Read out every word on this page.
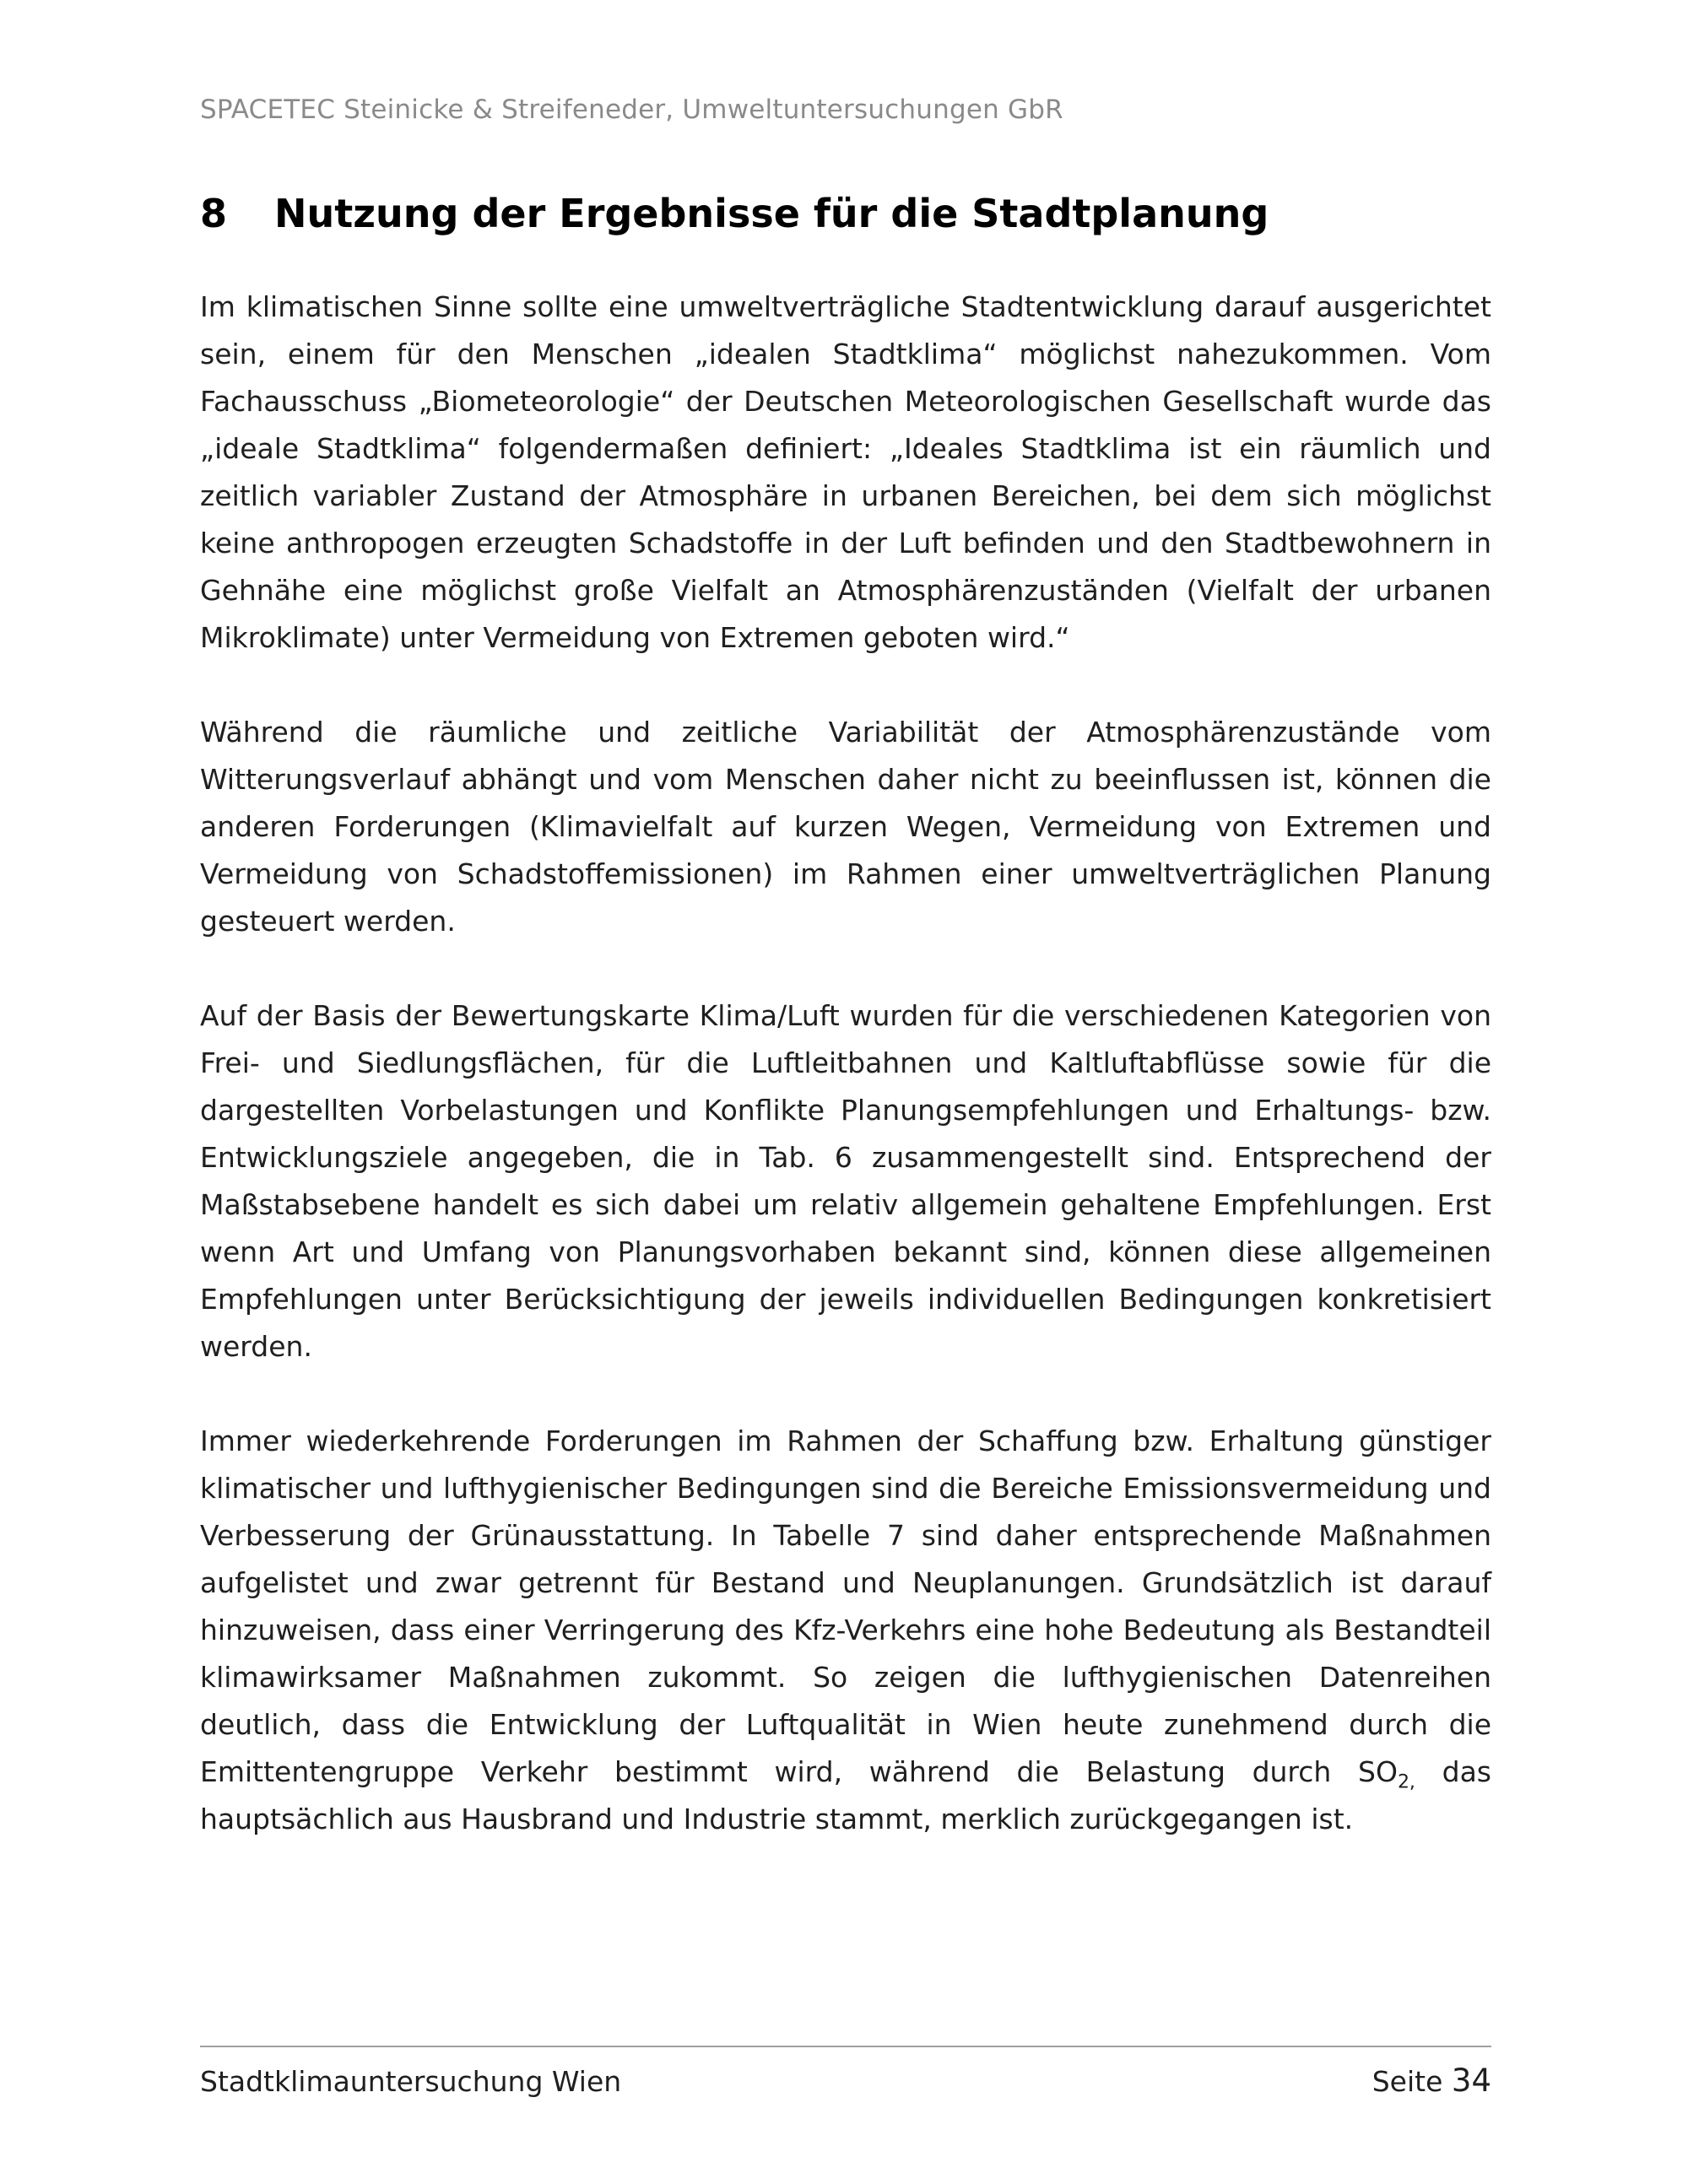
SPACETEC Steinicke & Streifeneder, Umweltuntersuchungen GbR
8 Nutzung der Ergebnisse für die Stadtplanung

Im klimatischen Sinne sollte eine umweltverträgliche Stadtentwicklung darauf ausgerichtet sein, einem für den Menschen „idealen Stadtklima“ möglichst nahezukommen. Vom Fachausschuss „Biometeorologie“ der Deutschen Meteorologischen Gesellschaft wurde das „ideale Stadtklima“ folgendermaßen definiert: „Ideales Stadtklima ist ein räumlich und zeitlich variabler Zustand der Atmosphäre in urbanen Bereichen, bei dem sich möglichst keine anthropogen erzeugten Schadstoffe in der Luft befinden und den Stadtbewohnern in Gehnähe eine möglichst große Vielfalt an Atmosphärenzuständen (Vielfalt der urbanen Mikroklimate) unter Vermeidung von Extremen geboten wird.“

Während die räumliche und zeitliche Variabilität der Atmosphärenzustände vom Witterungsverlauf abhängt und vom Menschen daher nicht zu beeinflussen ist, können die anderen Forderungen (Klimavielfalt auf kurzen Wegen, Vermeidung von Extremen und Vermeidung von Schadstoffemissionen) im Rahmen einer umweltverträglichen Planung gesteuert werden.

Auf der Basis der Bewertungskarte Klima/Luft wurden für die verschiedenen Kategorien von Frei- und Siedlungsflächen, für die Luftleitbahnen und Kaltluftabflüsse sowie für die dargestellten Vorbelastungen und Konflikte Planungsempfehlungen und Erhaltungs- bzw. Entwicklungsziele angegeben, die in Tab. 6 zusammengestellt sind. Entsprechend der Maßstabsebene handelt es sich dabei um relativ allgemein gehaltene Empfehlungen. Erst wenn Art und Umfang von Planungsvorhaben bekannt sind, können diese allgemeinen Empfehlungen unter Berücksichtigung der jeweils individuellen Bedingungen konkretisiert werden.

Immer wiederkehrende Forderungen im Rahmen der Schaffung bzw. Erhaltung günstiger klimatischer und lufthygienischer Bedingungen sind die Bereiche Emissionsvermeidung und Verbesserung der Grünausstattung. In Tabelle 7 sind daher entsprechende Maßnahmen aufgelistet und zwar getrennt für Bestand und Neuplanungen. Grundsätzlich ist darauf hinzuweisen, dass einer Verringerung des Kfz-Verkehrs eine hohe Bedeutung als Bestandteil klimawirksamer Maßnahmen zukommt. So zeigen die lufthygienischen Datenreihen deutlich, dass die Entwicklung der Luftqualität in Wien heute zunehmend durch die Emittentengruppe Verkehr bestimmt wird, während die Belastung durch $SO_{2,}$ das hauptsächlich aus Hausbrand und Industrie stammt, merklich zurückgegangen ist.

Stadtklimauntersuchung Wien	Seite 34
